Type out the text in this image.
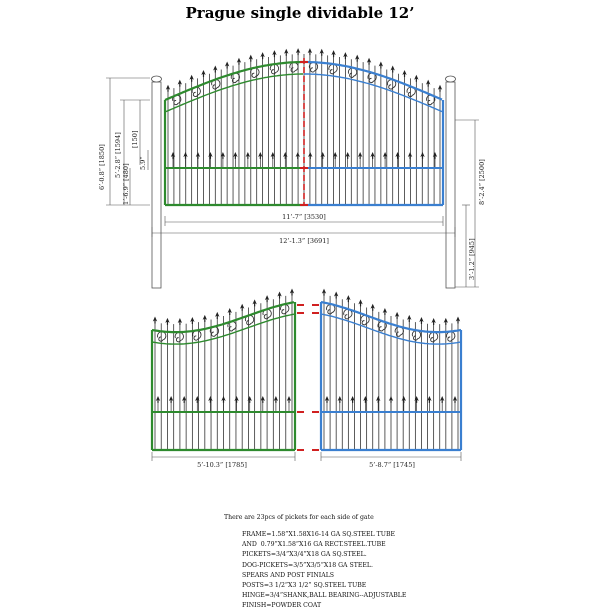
Prague single dividable 12’
6’-0.8” [1850] 5’-2.8” [1594] [150]
5.9”
1’-6.9” [480]	8’-2.4” [2500]
3’-1.2” [945]
11’-7” [3530]
12’-1.3” [3691]
5’-10.3” [1785]	5’-8.7” [1745]
There are 23pcs of pickets for each side of gate
FRAME=1.58”X1.58X16-14 GA SQ.STEEL TUBE
AND  0.79”X1.58”X16 GA RECT.STEEL.TUBE
PICKETS=3/4”X3/4”X18 GA SQ.STEEL.
DOG-PICKETS=3/5”X3/5”X18 GA STEEL.
SPEARS AND POST FINIALS
POSTS=3 1/2”X3 1/2” SQ.STEEL TUBE
HINGE=3/4”SHANK,BALL BEARING--ADJUSTABLE
FINISH=POWDER COAT
